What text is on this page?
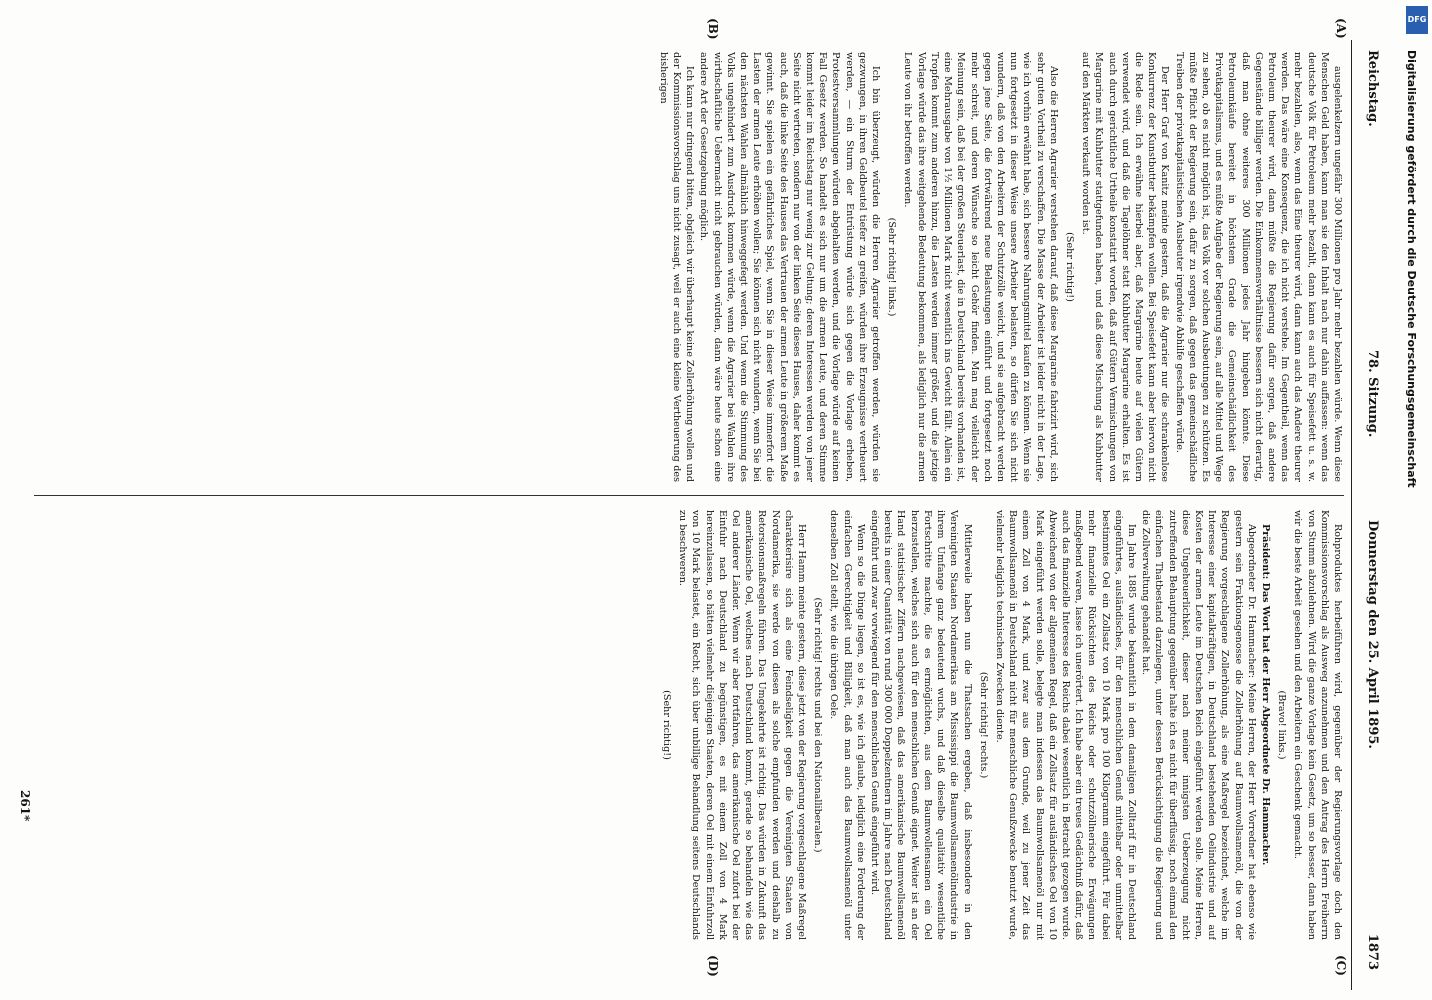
Reichstag.
78. Sitzung.
Donnerstag den 25. April 1895.
1873
(A)
(B)
(C)
(D)

ausgelenkelzern ungefähr 300 Millionen pro Jahr mehr bezahlen würde. Wenn diese Menschen Geld haben, kann man sie den Inhalt nach nur dahin auffassen: wenn das deutsche Volk für Petroleum mehr bezahlt, dann kann es auch für Speisefett u. s. w. mehr bezahlen, also, wenn das Eine theurer wird, dann kann auch das Andere theurer werden. Das wäre eine Konsequenz, die ich nicht verstehe. Im Gegentheil, wenn das Petroleum theurer wird, dann müßte die Regierung dafür sorgen, daß andere Gegenstände billiger werden. Die Einkommensverhältnisse bessern sich nicht derartig, daß man ohne weiteres 300 Millionen jedes Jahr hingeben könnte. Diese Petroleumkäufe bereitet in höchstem Grade die Gemeinschädlichkeit des Privatkapitalismus, und es müßte Aufgabe der Regierung sein, auf alle Mittel und Wege zu sehen, ob es nicht möglich ist, das Volk vor solchen Ausbeutungen zu schützen. Es müßte Pflicht der Regierung sein, dafür zu sorgen, daß gegen das gemeinschädliche Treiben der privatkapitalistischen Ausbeuter irgendwie Abhilfe geschaffen würde.

Der Herr Graf von Kanitz meinte gestern, daß die Agrarier nur die schrankenlose Konkurrenz der Kunstbutter bekämpfen wollen. Bei Speisefett kann aber hiervon nicht die Rede sein. Ich erwähne hierbei aber, daß Margarine heute auf vielen Gütern verwendet wird, und daß die Tagelöhner statt Kuhbutter Margarine erhalten. Es ist auch durch gerichtliche Urtheile konstatirt worden, daß auf Gütern Vermischungen von Margarine mit Kuhbutter stattgefunden haben, und daß diese Mischung als Kuhbutter auf den Märkten verkauft worden ist.

(Sehr richtig!)

Also die Herren Agrarier verstehen darauf, daß diese Margarine fabrizirt wird, sich sehr guten Vortheil zu verschaffen. Die Masse der Arbeiter ist leider nicht in der Lage, wie ich vorhin erwähnt habe, sich bessere Nahrungsmittel kaufen zu können. Wenn sie nun fortgesetzt in dieser Weise unsere Arbeiter belasten, so dürfen Sie sich nicht wundern, daß von den Arbeitern der Schutzzölle weicht, und sie aufgebracht werden gegen jene Seite, die fortwährend neue Belastungen einführt und fortgesetzt noch mehr schreit, und deren Wünsche so leicht Gehör finden. Man mag vielleicht der Meinung sein, daß bei der großen Steuerlast, die in Deutschland bereits vorhanden ist, eine Mehrausgabe von 1½ Millionen Mark nicht wesentlich ins Gewicht fällt. Allein ein Tropfen kommt zum anderen hinzu, die Lasten werden immer größer, und die jetzige Vorlage würde das ihre weitgehende Bedeutung bekommen, als lediglich nur die armen Leute von ihr betroffen werden.

(Sehr richtig! links.)

Ich bin überzeugt, würden die Herren Agrarier getroffen werden, würden sie gezwungen, in ihren Geldbeutel tiefer zu greifen, würden ihre Erzeugnisse vertheuert werden, — ein Sturm der Entrüstung würde sich gegen die Vorlage erheben, Protestversammlungen würden abgehalten werden, und die Vorlage würde auf keinen Fall Gesetz werden. So handelt es sich nur um die armen Leute, und deren Stimme kommt leider im Reichstag nur wenig zur Geltung; deren Interessen werden von jener Seite nicht vertreten, sondern nur von der linken Seite dieses Hauses, daher kommt es auch, daß die linke Seite des Hauses das Vertrauen der armen Leute in größerem Maße gewinnt. Sie spielen ein gefährliches Spiel, wenn Sie in dieser Weise immerfort die Lasten der armen Leute erhöhen wollen; Sie können sich nicht wundern, wenn Sie bei den nächsten Wahlen allmählich hinweggefegt werden. Und wenn die Stimmung des Volks ungehindert zum Ausdruck kommen würde, wenn die Agrarier bei Wahlen ihre wirthschaftliche Uebermacht nicht gebrauchen würden, dann wäre heute schon eine andere Art der Gesetzgebung möglich.

Ich kann nur dringend bitten, obgleich wir überhaupt keine Zollerhöhung wollen und der Kommissionsvorschlag uns nicht zusagt, weil er auch eine kleine Vertheuerung des bisherigen

Rohproduktes herbeiführen wird, gegenüber der Regierungsvorlage doch den Kommissionsvorschlag als Ausweg anzunehmen und den Antrag des Herrn Freiherrn von Stumm abzulehnen. Wird die ganze Vorlage kein Gesetz, um so besser, dann haben wir die beste Arbeit gesehen und den Arbeitern ein Geschenk gemacht.

(Bravo! links.)

Präsident: Das Wort hat der Herr Abgeordnete Dr. Hammacher.

Abgeordneter Dr. Hammacher: Meine Herren, der Herr Vorredner hat ebenso wie gestern sein Fraktionsgenosse die Zollerhöhung auf Baumwollsamenöl, die von der Regierung vorgeschlagene Zollerhöhung, als eine Maßregel bezeichnet, welche im Interesse einer kapitalkräftigen, in Deutschland bestehenden Oelindustrie und auf Kosten der armen Leute im Deutschen Reich eingeführt werden solle. Meine Herren, diese Ungeheuerlichkeit, dieser nach meiner innigsten Ueberzeugung nicht zutreffenden Behauptung gegenüber halte ich es nicht für überflüssig, noch einmal den einfachen Thatbestand darzulegen, unter dessen Berücksichtigung die Regierung und die Zollverwaltung gehandelt hat.

Im Jahre 1885 wurde bekanntlich in dem damaligen Zolltarif für in Deutschland eingeführtes, ausländisches, für den menschlichen Genuß mittelbar oder unmittelbar bestimmtes Oel ein Zollsatz von 10 Mark pro 100 Kilogramm eingeführt. Für dabei mehr finanzielle Rücksichten des Reichs oder schutzzöllnerische Erwägungen maßgebend waren, lasse ich unerörtert. Ich habe aber ein treues Gedächtniß dafür, daß auch das finanzielle Interesse des Reichs dabei wesentlich in Betracht gezogen wurde. Abweichend von der allgemeinen Regel, daß ein Zollsatz für ausländisches Oel von 10 Mark eingeführt werden solle, belegte man indessen das Baumwollsamenöl nur mit einem Zoll von 4 Mark, und zwar aus dem Grunde, weil zu jener Zeit das Baumwollsamenöl in Deutschland nicht für menschliche Genußzwecke benutzt wurde, vielmehr lediglich technischen Zwecken diente.

(Sehr richtig! rechts.)

Mittlerweile haben nun die Thatsachen ergeben, daß insbesondere in den Vereinigten Staaten Nordamerikas am Mississippi die Baumwollsamenölindustrie in ihrem Umfange ganz bedeutend wuchs, und daß dieselbe qualitativ wesentliche Fortschritte machte, die es ermöglichten, aus dem Baumwollensamen ein Oel herzustellen, welches sich auch für den menschlichen Genuß eignet. Weiter ist an der Hand statistischer Ziffern nachgewiesen, daß das amerikanische Baumwollsamenöl bereits in einer Quantität von rund 300 000 Doppelzentnern im Jahre nach Deutschland eingeführt und zwar vorwiegend für den menschlichen Genuß eingeführt wird.

Wenn so die Dinge liegen, so ist es, wie ich glaube, lediglich eine Forderung der einfachen Gerechtigkeit und Billigkeit, daß man auch das Baumwollsamenöl unter denselben Zoll stellt, wie die übrigen Oele.

(Sehr richtig! rechts und bei den Nationalliberalen.)

Herr Hamm meinte gestern, diese jetzt von der Regierung vorgeschlagene Maßregel charakterisire sich als eine Feindseligkeit gegen die Vereinigten Staaten von Nordamerika, sie werde von diesen als solche empfunden werden und deshalb zu Retorsionsmaßregeln führen. Das Umgekehrte ist richtig. Das würden in Zukunft das amerikanische Oel, welches nach Deutschland kommt, gerade so behandeln wie das Oel anderer Länder. Wenn wir aber fortfahren, das amerikanische Oel zufort bei der Einfuhr nach Deutschland zu begünstigen, es mit einem Zoll von 4 Mark hereinzulassen, so hätten vielmehr diejenigen Staaten, deren Oel mit einem Einfuhrzoll von 10 Mark belastet, ein Recht, sich über unbillige Behandlung seitens Deutschlands zu beschweren.

(Sehr richtig!)

261*
DFG
Digitalisierung gefördert durch die Deutsche Forschungsgemeinschaft
